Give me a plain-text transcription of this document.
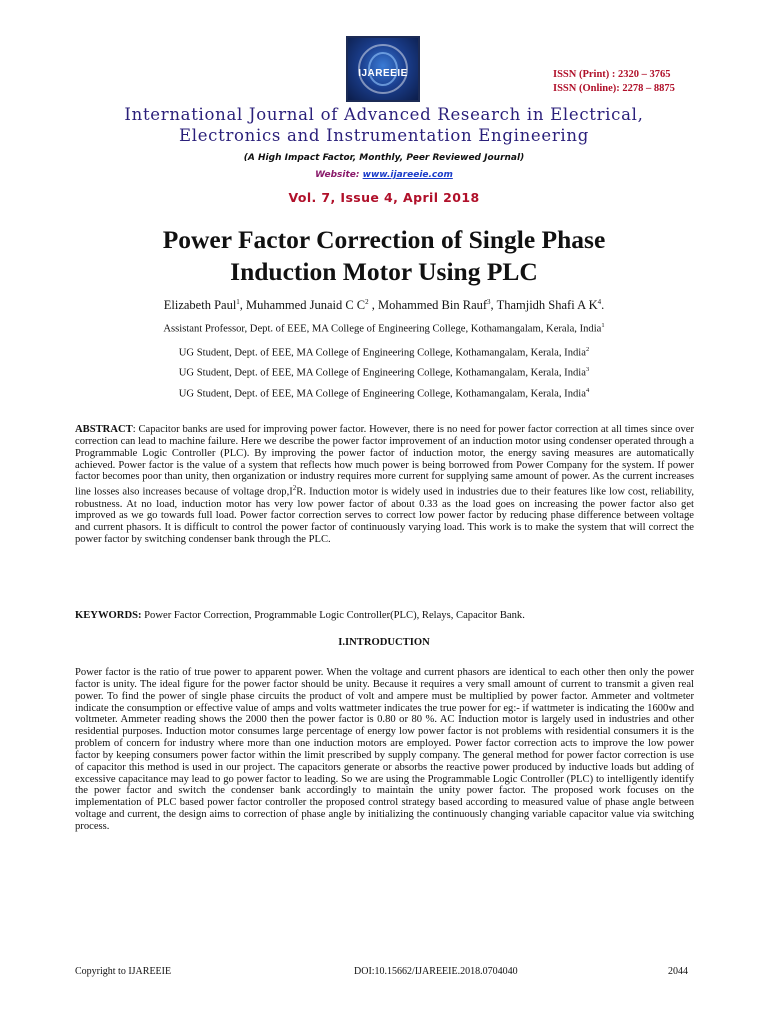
IJAREEIE	ISSN (Print) : 2320 – 3765
ISSN (Online): 2278 – 8875
International Journal of Advanced Research in Electrical,
Electronics and Instrumentation Engineering
(A High Impact Factor, Monthly, Peer Reviewed Journal)
Website: www.ijareeie.com
Vol. 7, Issue 4, April 2018
Power Factor Correction of Single Phase
Induction Motor Using PLC
Elizabeth Paul$^1$, Muhammed Junaid C $C^2$ , Mohammed Bin Rauf$^3$, Thamjidh Shafi A $K^4$.
Assistant Professor, Dept. of EEE, MA College of Engineering College, Kothamangalam, Kerala, India$^1$
UG Student, Dept. of EEE, MA College of Engineering College, Kothamangalam, Kerala, India$^2$
UG Student, Dept. of EEE, MA College of Engineering College, Kothamangalam, Kerala, India$^3$
UG Student, Dept. of EEE, MA College of Engineering College, Kothamangalam, Kerala, India$^4$
ABSTRACT: Capacitor banks are used for improving power factor. However, there is no need for power factor correction at all times since over correction can lead to machine failure. Here we describe the power factor improvement of an induction motor using condenser operated through a Programmable Logic Controller (PLC). By improving the power factor of induction motor, the energy saving measures are automatically achieved. Power factor is the value of a system that reflects how much power is being borrowed from Power Company for the system. If power factor becomes poor than unity, then organization or industry requires more current for supplying same amount of power. As the current increases line losses also increases because of voltage $drop,I^2R$. Induction motor is widely used in industries due to their features like low cost, reliability, robustness. At no load, induction motor has very low power factor of about 0.33 as the load goes on increasing the power factor also get improved as we go towards full load. Power factor correction serves to correct low power factor by reducing phase difference between voltage and current phasors. It is difficult to control the power factor of continuously varying load. This work is to make the system that will correct the power factor by switching condenser bank through the PLC.
KEYWORDS: Power Factor Correction, Programmable Logic Controller(PLC), Relays, Capacitor Bank.
I.INTRODUCTION
Power factor is the ratio of true power to apparent power. When the voltage and current phasors are identical to each other then only the power factor is unity. The ideal figure for the power factor should be unity. Because it requires a very small amount of current to transmit a given real power. To find the power of single phase circuits the product of volt and ampere must be multiplied by power factor. Ammeter and voltmeter indicate the consumption or effective value of amps and volts wattmeter indicates the true power for eg:- if wattmeter is indicating the 1600w and voltmeter. Ammeter reading shows the 2000 then the power factor is 0.80 or 80 %. AC Induction motor is largely used in industries and other residential purposes. Induction motor consumes large percentage of energy low power factor is not problems with residential consumers it is the problem of concern for industry where more than one induction motors are employed. Power factor correction acts to improve the low power factor by keeping consumers power factor within the limit prescribed by supply company. The general method for power factor correction is use of capacitor this method is used in our project. The capacitors generate or absorbs the reactive power produced by inductive loads but adding of excessive capacitance may lead to go power factor to leading. So we are using the Programmable Logic Controller (PLC) to intelligently identify the power factor and switch the condenser bank accordingly to maintain the unity power factor. The proposed work focuses on the implementation of PLC based power factor controller the proposed control strategy based according to measured value of phase angle between voltage and current, the design aims to correction of phase angle by initializing the continuously changing variable capacitor value via switching process.
Copyright to IJAREEIE	DOI:10.15662/IJAREEIE.2018.0704040	2044
